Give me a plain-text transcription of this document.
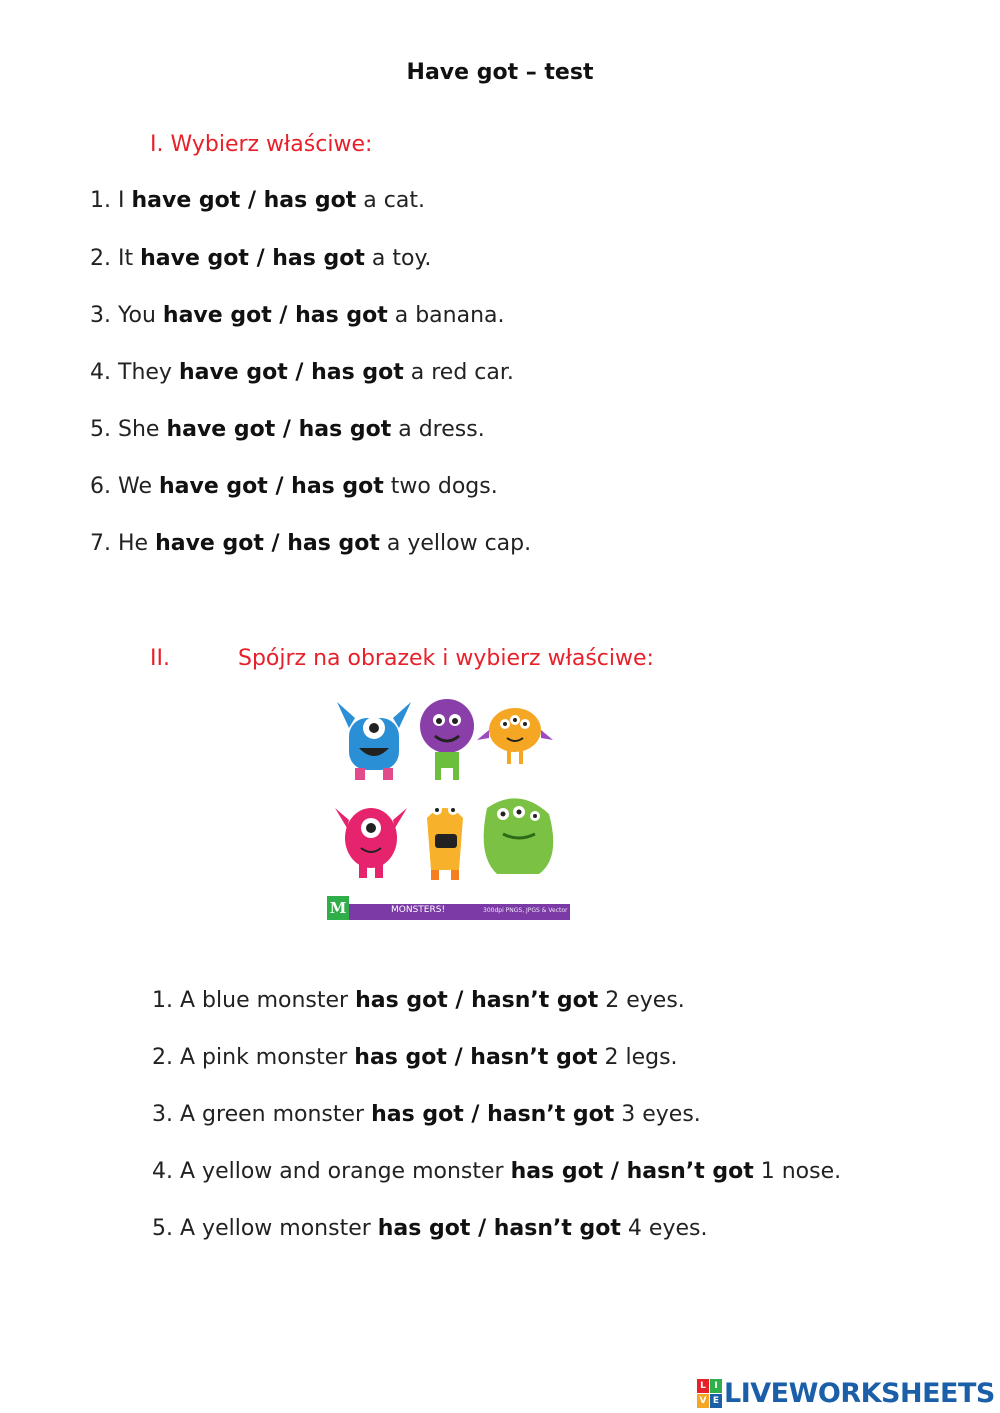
Have got – test
I. Wybierz właściwe:
1. I have got / has got a cat.
2. It have got / has got a toy.
3. You have got / has got a banana.
4. They have got / has got a red car.
5. She have got / has got a dress.
6. We have got / has got two dogs.
7. He have got / has got a yellow cap.
II.	Spójrz na obrazek i wybierz właściwe:
M	MONSTERS!	300dpi PNGS, JPGS & Vector
1. A blue monster has got / hasn’t got 2 eyes.
2. A pink monster has got / hasn’t got 2 legs.
3. A green monster has got / hasn’t got 3 eyes.
4. A yellow and orange monster has got / hasn’t got 1 nose.
5. A yellow monster has got / hasn’t got 4 eyes.
L I
V E LIVEWORKSHEETS
